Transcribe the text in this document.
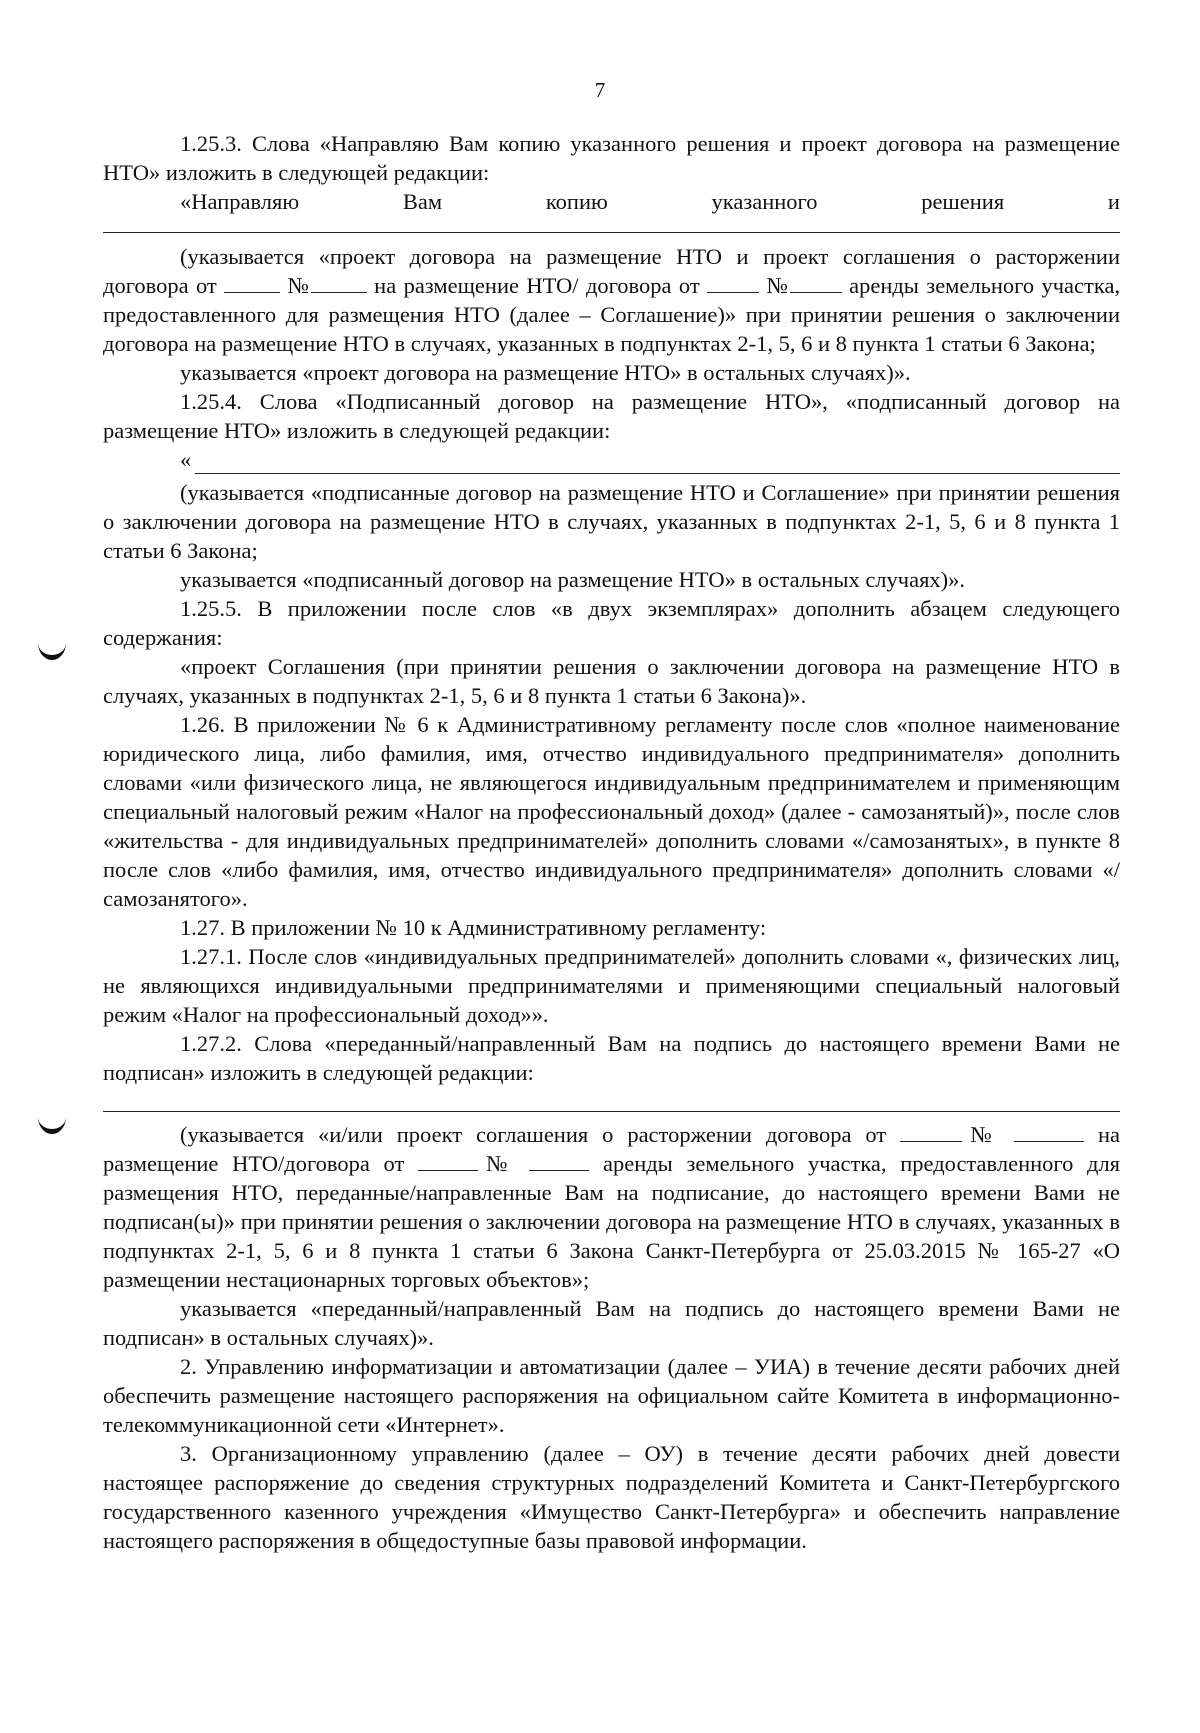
7

1.25.3. Слова «Направляю Вам копию указанного решения и проект договора на размещение НТО» изложить в следующей редакции:

«Направляю	Вам	копию	указанного	решения	и

(указывается «проект договора на размещение НТО и проект соглашения о расторжении договора от	№	на размещение НТО/ договора от	№	аренды земельного участка, предоставленного для размещения НТО (далее – Соглашение)» при принятии решения о заключении договора на размещение НТО в случаях, указанных в подпунктах 2-1, 5, 6 и 8 пункта 1 статьи 6 Закона;

указывается «проект договора на размещение НТО» в остальных случаях)».

1.25.4. Слова «Подписанный договор на размещение НТО», «подписанный договор на размещение НТО» изложить в следующей редакции:

«

(указывается «подписанные договор на размещение НТО и Соглашение» при принятии решения о заключении договора на размещение НТО в случаях, указанных в подпунктах 2-1, 5, 6 и 8 пункта 1 статьи 6 Закона;

указывается «подписанный договор на размещение НТО» в остальных случаях)».

1.25.5. В приложении после слов «в двух экземплярах» дополнить абзацем следующего содержания:

«проект Соглашения (при принятии решения о заключении договора на размещение НТО в случаях, указанных в подпунктах 2-1, 5, 6 и 8 пункта 1 статьи 6 Закона)».

1.26. В приложении № 6 к Административному регламенту после слов «полное наименование юридического лица, либо фамилия, имя, отчество индивидуального предпринимателя» дополнить словами «или физического лица, не являющегося индивидуальным предпринимателем и применяющим специальный налоговый режим «Налог на профессиональный доход» (далее - самозанятый)», после слов «жительства - для индивидуальных предпринимателей» дополнить словами «/самозанятых», в пункте 8 после слов «либо фамилия, имя, отчество индивидуального предпринимателя» дополнить словами «/самозанятого».

1.27. В приложении № 10 к Административному регламенту:

1.27.1. После слов «индивидуальных предпринимателей» дополнить словами «, физических лиц, не являющихся индивидуальными предпринимателями и применяющими специальный налоговый режим «Налог на профессиональный доход»».

1.27.2. Слова «переданный/направленный Вам на подпись до настоящего времени Вами не подписан» изложить в следующей редакции:

(указывается «и/или проект соглашения о расторжении договора от	№	на размещение НТО/договора от	№	аренды земельного участка, предоставленного для размещения НТО, переданные/направленные Вам на подписание, до настоящего времени Вами не подписан(ы)» при принятии решения о заключении договора на размещение НТО в случаях, указанных в подпунктах 2-1, 5, 6 и 8 пункта 1 статьи 6 Закона Санкт-Петербурга от 25.03.2015 № 165-27 «О размещении нестационарных торговых объектов»;

указывается «переданный/направленный Вам на подпись до настоящего времени Вами не подписан» в остальных случаях)».

2. Управлению информатизации и автоматизации (далее – УИА) в течение десяти рабочих дней обеспечить размещение настоящего распоряжения на официальном сайте Комитета в информационно-телекоммуникационной сети «Интернет».

3. Организационному управлению (далее – ОУ) в течение десяти рабочих дней довести настоящее распоряжение до сведения структурных подразделений Комитета и Санкт-Петербургского государственного казенного учреждения «Имущество Санкт-Петербурга» и обеспечить направление настоящего распоряжения в общедоступные базы правовой информации.
